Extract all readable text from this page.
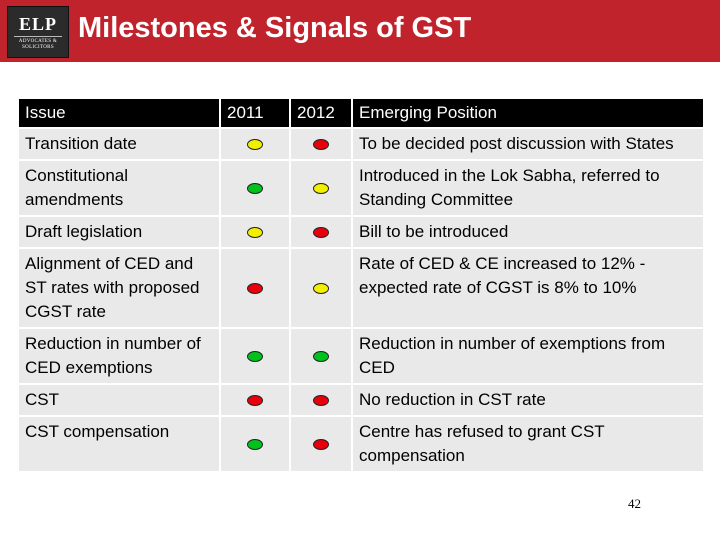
ELP
ADVOCATES & SOLICITORS
Milestones & Signals of GST
Issue	2011	2012	Emerging Position
Transition date			To be decided post discussion with States
Constitutional amendments			Introduced in the Lok Sabha, referred to Standing Committee
Draft legislation			Bill to be introduced
Alignment of CED and ST rates with proposed CGST rate			Rate of CED & CE increased to 12% - expected rate of CGST is 8% to 10%
Reduction in number of CED exemptions			Reduction in number of exemptions from CED
CST			No reduction in CST rate
CST compensation			Centre has refused to grant CST compensation
42
